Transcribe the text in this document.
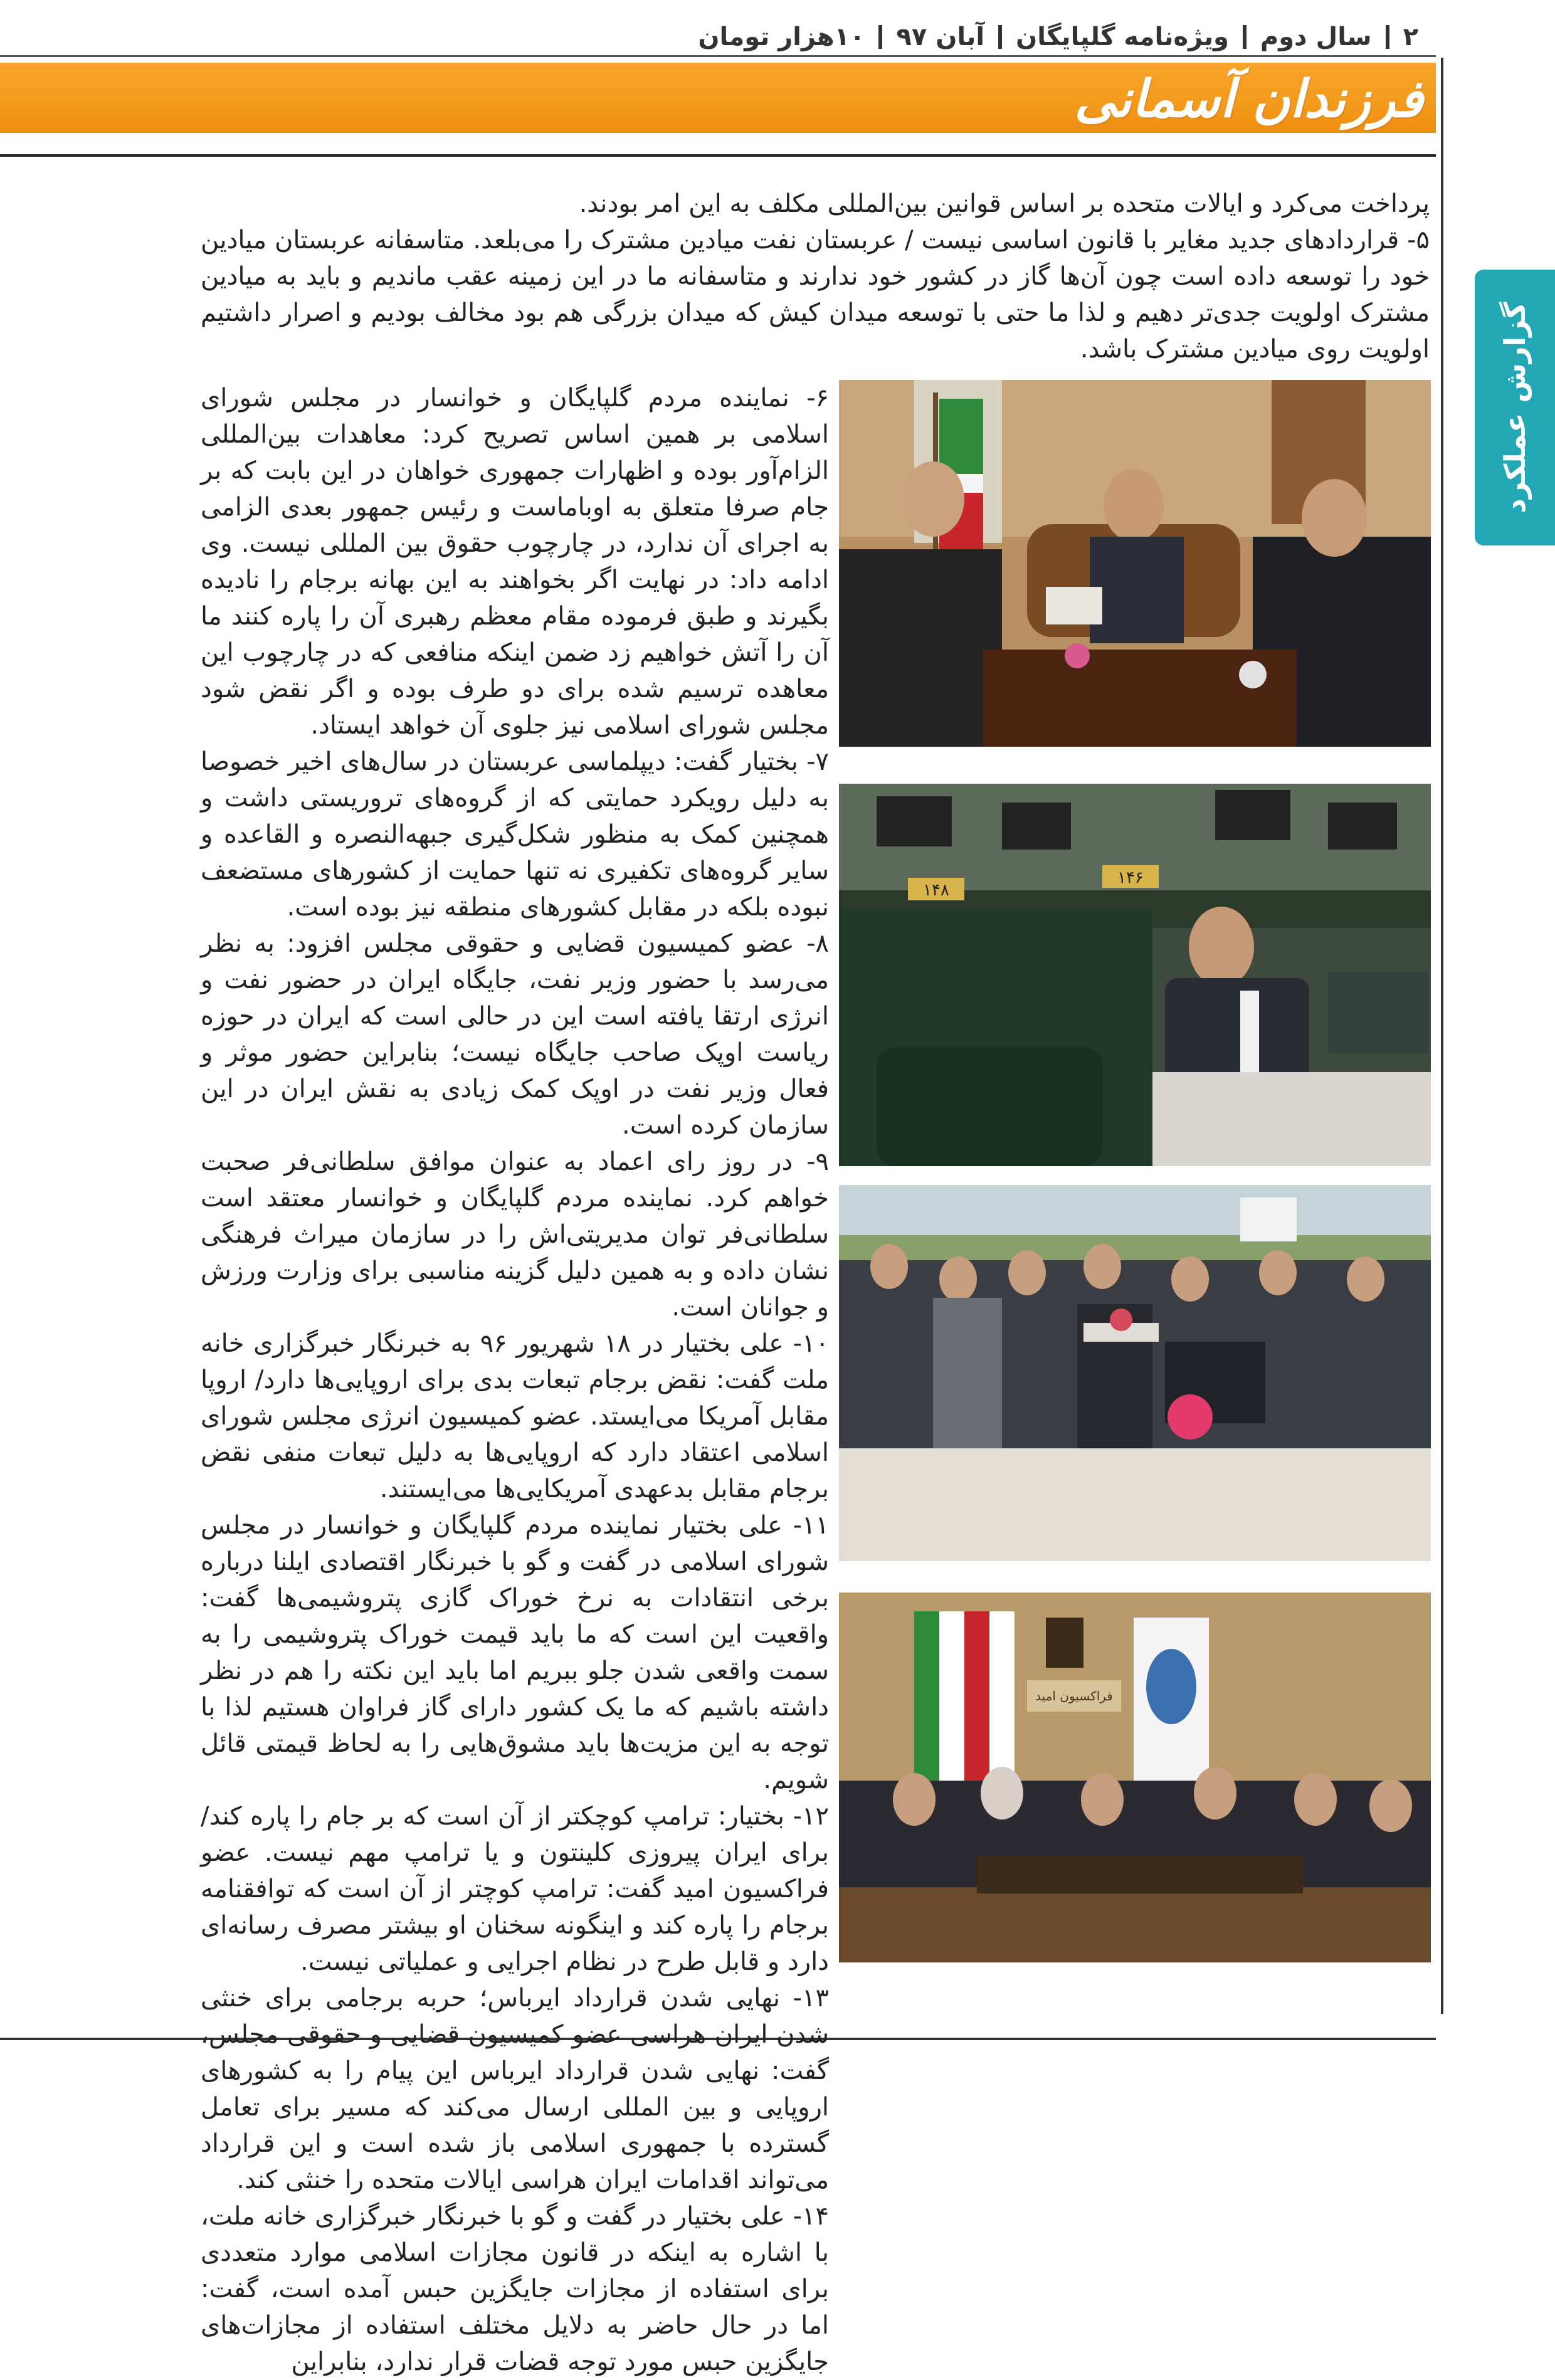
۲
سال دوم
ویژه‌نامه گلپایگان
آبان ۹۷
۱۰هزار تومان
فرزندان آسمانی
گزارش عملکرد

پرداخت می‌کرد و ایالات متحده بر اساس قوانین بین‌المللی مکلف به این امر بودند.

۵- قراردادهای جدید مغایر با قانون اساسی نیست / عربستان نفت میادین مشترک را می‌بلعد. متاسفانه عربستان میادین خود را توسعه داده است چون آن‌ها گاز در کشور خود ندارند و متاسفانه ما در این زمینه عقب ماندیم و باید به میادین مشترک اولویت جدی‌تر دهیم و لذا ما حتی با توسعه میدان کیش که میدان بزرگی هم بود مخالف بودیم و اصرار داشتیم اولویت روی میادین مشترک باشد.

۶- نماینده مردم گلپایگان و خوانسار در مجلس شورای اسلامی بر همین اساس تصریح کرد: معاهدات بین‌المللی الزام‌آور بوده و اظهارات جمهوری خواهان در این بابت که بر جام صرفا متعلق به اوباماست و رئیس جمهور بعدی الزامی به اجرای آن ندارد، در چارچوب حقوق بین المللی نیست. وی ادامه داد: در نهایت اگر بخواهند به این بهانه برجام را نادیده بگیرند و طبق فرموده مقام معظم رهبری آن را پاره کنند ما آن را آتش خواهیم زد ضمن اینکه منافعی که در چارچوب این معاهده ترسیم شده برای دو طرف بوده و اگر نقض شود مجلس شورای اسلامی نیز جلوی آن خواهد ایستاد.

۷- بختیار گفت: دیپلماسی عربستان در سال‌های اخیر خصوصا به دلیل رویکرد حمایتی که از گروه‌های تروریستی داشت و همچنین کمک به منظور شکل‌گیری جبهه‌النصره و القاعده و سایر گروه‌های تکفیری نه تنها حمایت از کشورهای مستضعف نبوده بلکه در مقابل کشورهای منطقه نیز بوده است.

۸- عضو کمیسیون قضایی و حقوقی مجلس افزود: به نظر می‌رسد با حضور وزیر نفت، جایگاه ایران در حضور نفت و انرژی ارتقا یافته است این در حالی است که ایران در حوزه ریاست اوپک صاحب جایگاه نیست؛ بنابراین حضور موثر و فعال وزیر نفت در اوپک کمک زیادی به نقش ایران در این سازمان کرده است.

۹- در روز رای اعماد به عنوان موافق سلطانی‌فر صحبت خواهم کرد. نماینده مردم گلپایگان و خوانسار معتقد است سلطانی‌فر توان مدیریتی‌اش را در سازمان میراث فرهنگی نشان داده و به همین دلیل گزینه مناسبی برای وزارت ورزش و جوانان است.

۱۰- علی بختیار در ۱۸ شهریور ۹۶ به خبرنگار خبرگزاری خانه ملت گفت: نقض برجام تبعات بدی برای اروپایی‌ها دارد/ اروپا مقابل آمریکا می‌ایستد. عضو کمیسیون انرژی مجلس شورای اسلامی اعتقاد دارد که اروپایی‌ها به دلیل تبعات منفی نقض برجام مقابل بدعهدی آمریکایی‌ها می‌ایستند.

۱۱- علی بختیار نماینده مردم گلپایگان و خوانسار در مجلس شورای اسلامی در گفت و گو با خبرنگار اقتصادی ایلنا درباره برخی انتقادات به نرخ خوراک گازی پتروشیمی‌ها گفت: واقعیت این است که ما باید قیمت خوراک پتروشیمی را به سمت واقعی شدن جلو ببریم اما باید این نکته را هم در نظر داشته باشیم که ما یک کشور دارای گاز فراوان هستیم لذا با توجه به این مزیت‌ها باید مشوق‌هایی را به لحاظ قیمتی قائل شویم.

۱۲- بختیار: ترامپ کوچکتر از آن است که بر جام را پاره کند/ برای ایران پیروزی کلینتون و یا ترامپ مهم نیست. عضو فراکسیون امید گفت: ترامپ کوچتر از آن است که توافقنامه برجام را پاره کند و اینگونه سخنان او بیشتر مصرف رسانه‌ای دارد و قابل طرح در نظام اجرایی و عملیاتی نیست.

۱۳- نهایی شدن قرارداد ایرباس؛ حربه برجامی برای خنثی شدن ایران هراسی عضو کمیسیون قضایی و حقوقی مجلس، گفت: نهایی شدن قرارداد ایرباس این پیام را به کشورهای اروپایی و بین المللی ارسال می‌کند که مسیر برای تعامل گسترده با جمهوری اسلامی باز شده است و این قرارداد می‌تواند اقدامات ایران هراسی ایالات متحده را خنثی کند.

۱۴- علی بختیار در گفت و گو با خبرنگار خبرگزاری خانه ملت، با اشاره به اینکه در قانون مجازات اسلامی موارد متعددی برای استفاده از مجازات جایگزین حبس آمده است، گفت: اما در حال حاضر به دلایل مختلف استفاده از مجازات‌های جایگزین حبس مورد توجه قضات قرار ندارد، بنابراین

۱۴۸
۱۴۶
فراکسیون امید
